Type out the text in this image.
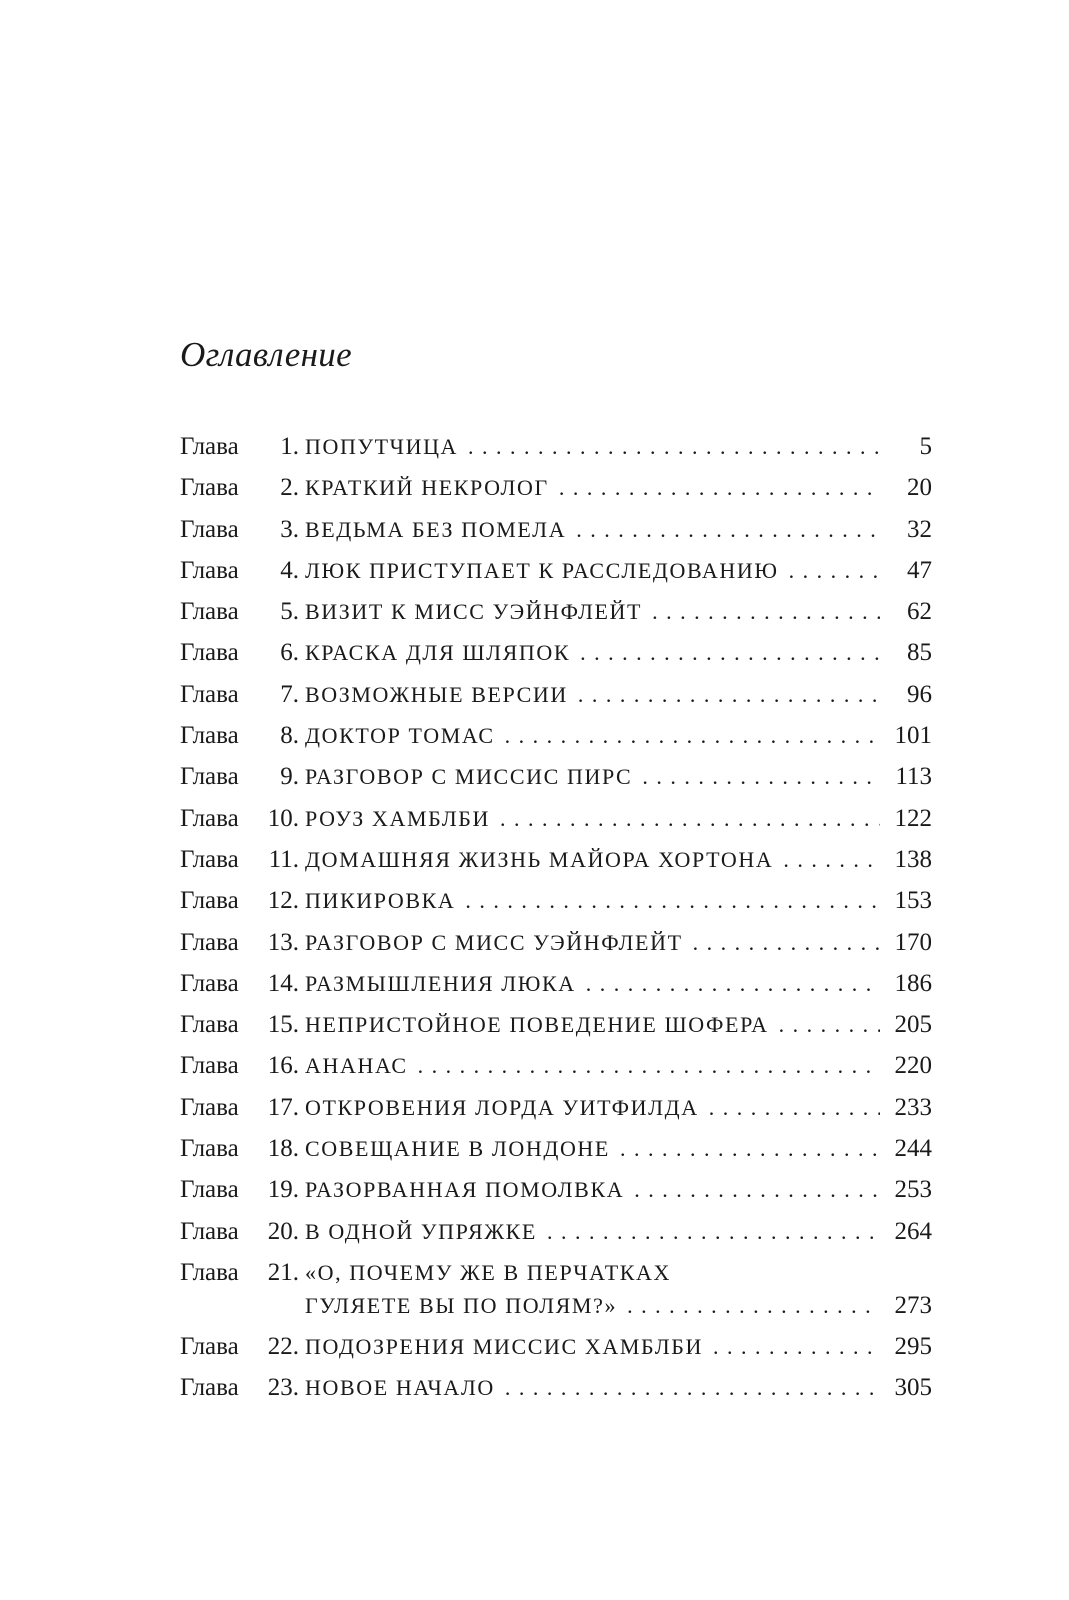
Оглавление
Глава	1. ПОПУТЧИЦА . . .	5
Глава	2. КРАТКИЙ НЕКРОЛОГ . . .	20
Глава	3. ВЕДЬМА БЕЗ ПОМЕЛА . . .	32
Глава	4. ЛЮК ПРИСТУПАЕТ К РАССЛЕДОВАНИЮ . . .	47
Глава	5. ВИЗИТ К МИСС УЭЙНФЛЕЙТ . . .	62
Глава	6. КРАСКА ДЛЯ ШЛЯПОК . . .	85
Глава	7. ВОЗМОЖНЫЕ ВЕРСИИ . . .	96
Глава	8. ДОКТОР ТОМАС . . .	101
Глава	9. РАЗГОВОР С МИССИС ПИРС . . .	113
Глава	10. РОУЗ ХАМБЛБИ . . .	122
Глава	11. ДОМАШНЯЯ ЖИЗНЬ МАЙОРА ХОРТОНА . . .	138
Глава	12. ПИКИРОВКА . . .	153
Глава	13. РАЗГОВОР С МИСС УЭЙНФЛЕЙТ . . .	170
Глава	14. РАЗМЫШЛЕНИЯ ЛЮКА . . .	186
Глава	15. НЕПРИСТОЙНОЕ ПОВЕДЕНИЕ ШОФЕРА . . .	205
Глава	16. АНАНАС . . .	220
Глава	17. ОТКРОВЕНИЯ ЛОРДА УИТФИЛДА . . .	233
Глава	18. СОВЕЩАНИЕ В ЛОНДОНЕ . . .	244
Глава	19. РАЗОРВАННАЯ ПОМОЛВКА . . .	253
Глава	20. В ОДНОЙ УПРЯЖКЕ . . .	264
Глава	21. «О, ПОЧЕМУ ЖЕ В ПЕРЧАТКАХ
ГУЛЯЕТЕ ВЫ ПО ПОЛЯМ?» . . .	273
Глава	22. ПОДОЗРЕНИЯ МИССИС ХАМБЛБИ . . .	295
Глава	23. НОВОЕ НАЧАЛО . . .	305
